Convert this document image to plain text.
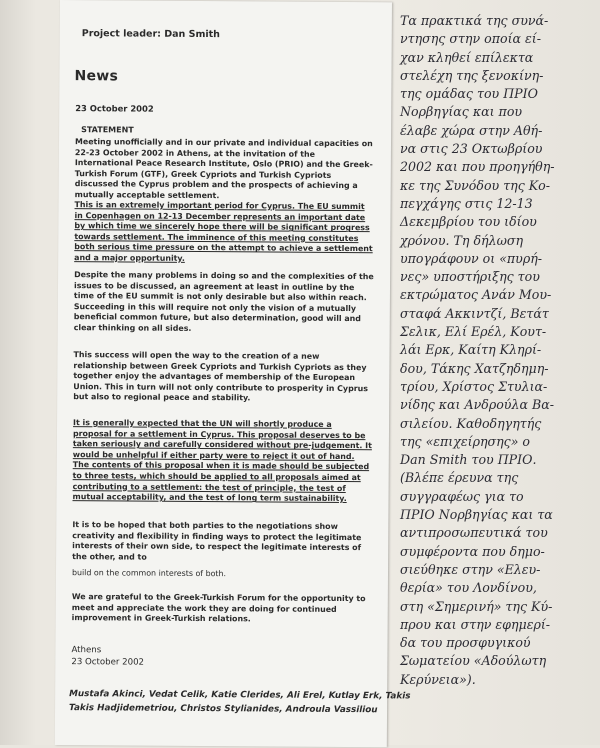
Project leader: Dan Smith
News
23 October 2002
STATEMENT

Meeting unofficially and in our private and individual capacities on 22-23 October 2002 in Athens, at the invitation of the International Peace Research Institute, Oslo (PRIO) and the Greek-Turkish Forum (GTF), Greek Cypriots and Turkish Cypriots discussed the Cyprus problem and the prospects of achieving a mutually acceptable settlement.

This is an extremely important period for Cyprus. The EU summit in Copenhagen on 12-13 December represents an important date by which time we sincerely hope there will be significant progress towards settlement. The imminence of this meeting constitutes both serious time pressure on the attempt to achieve a settlement and a major opportunity.

Despite the many problems in doing so and the complexities of the issues to be discussed, an agreement at least in outline by the time of the EU summit is not only desirable but also within reach. Succeeding in this will require not only the vision of a mutually beneficial common future, but also determination, good will and clear thinking on all sides.

This success will open the way to the creation of a new relationship between Greek Cypriots and Turkish Cypriots as they together enjoy the advantages of membership of the European Union. This in turn will not only contribute to prosperity in Cyprus but also to regional peace and stability.

It is generally expected that the UN will shortly produce a proposal for a settlement in Cyprus. This proposal deserves to be taken seriously and carefully considered without pre-judgement. It would be unhelpful if either party were to reject it out of hand. The contents of this proposal when it is made should be subjected to three tests, which should be applied to all proposals aimed at contributing to a settlement: the test of principle, the test of mutual acceptability, and the test of long term sustainability.

It is to be hoped that both parties to the negotiations show creativity and flexibility in finding ways to protect the legitimate interests of their own side, to respect the legitimate interests of the other, and to

build on the common interests of both.

We are grateful to the Greek-Turkish Forum for the opportunity to meet and appreciate the work they are doing for continued improvement in Greek-Turkish relations.

Athens
23 October 2002
Mustafa Akinci, Vedat Celik, Katie Clerides, Ali Erel, Kutlay Erk, Takis
Takis Hadjidemetriou, Christos Stylianides, Androula Vassiliou
Τα πρακτικά της συνά-
ντησης στην οποία εί-
χαν κληθεί επίλεκτα
στελέχη της ξενοκίνη-
της ομάδας του ΠΡΙΟ
Νορβηγίας και που
έλαβε χώρα στην Αθή-
να στις 23 Οκτωβρίου
2002 και που προηγήθη-
κε της Συνόδου της Κο-
πεγχάγης στις 12-13
Δεκεμβρίου του ιδίου
χρόνου. Τη δήλωση
υπογράφουν οι «πυρή-
νες» υποστήριξης του
εκτρώματος Ανάν Μου-
σταφά Ακκιντζί, Βετάτ
Σελικ, Ελί Ερέλ, Κουτ-
λάι Ερκ, Καίτη Κληρί-
δου, Τάκης Χατζηδημη-
τρίου, Χρίστος Στυλια-
νίδης και Ανδρούλα Βα-
σιλείου. Καθοδηγητής
της «επιχείρησης» ο
Dan Smith του ΠΡΙΟ.
(Βλέπε έρευνα της
συγγραφέως για το
ΠΡΙΟ Νορβηγίας και τα
αντιπροσωπευτικά του
συμφέροντα που δημο-
σιεύθηκε στην «Ελευ-
θερία» του Λονδίνου,
στη «Σημερινή» της Κύ-
πρου και στην εφημερί-
δα του προσφυγικού
Σωματείου «Αδούλωτη
Κερύνεια»).
